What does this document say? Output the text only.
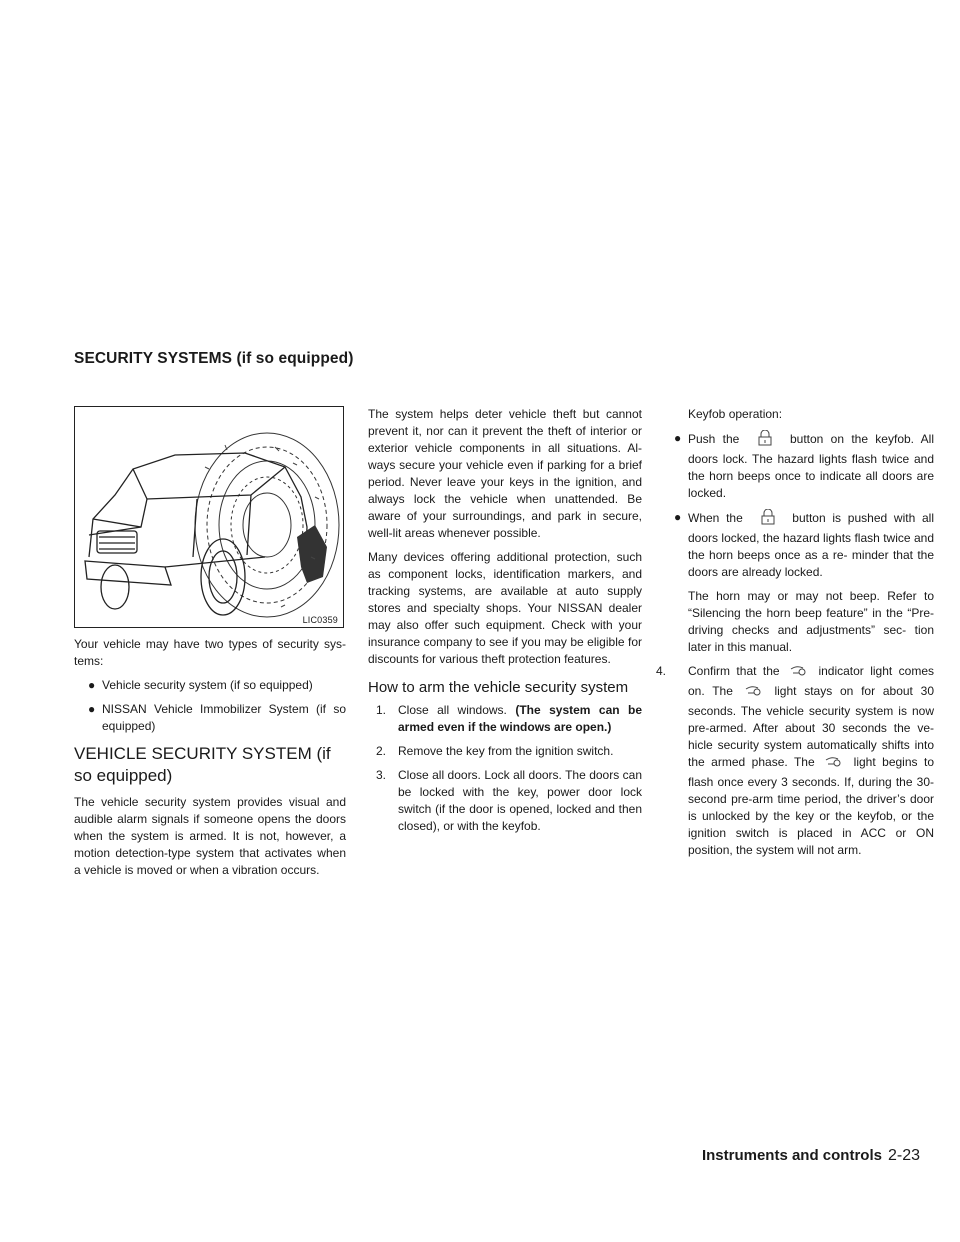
SECURITY SYSTEMS (if so equipped)
LIC0359

Your vehicle may have two types of security sys- tems:

● Vehicle security system (if so equipped)
● NISSAN Vehicle Immobilizer System (if so equipped)
VEHICLE SECURITY SYSTEM (if so equipped)

The vehicle security system provides visual and audible alarm signals if someone opens the doors when the system is armed. It is not, however, a motion detection-type system that activates when a vehicle is moved or when a vibration occurs.

The system helps deter vehicle theft but cannot prevent it, nor can it prevent the theft of interior or exterior vehicle components in all situations. Al- ways secure your vehicle even if parking for a brief period. Never leave your keys in the ignition, and always lock the vehicle when unattended. Be aware of your surroundings, and park in secure, well-lit areas whenever possible.

Many devices offering additional protection, such as component locks, identification markers, and tracking systems, are available at auto supply stores and specialty shops. Your NISSAN dealer may also offer such equipment. Check with your insurance company to see if you may be eligible for discounts for various theft protection features.

How to arm the vehicle security system
1. Close all windows. (The system can be armed even if the windows are open.)
2. Remove the key from the ignition switch.
3. Close all doors. Lock all doors. The doors can be locked with the key, power door lock switch (if the door is opened, locked and then closed), or with the keyfob.

Keyfob operation:

● Push the	button on the keyfob. All doors lock. The hazard lights flash twice and the horn beeps once to indicate all doors are locked.
● When the	button is pushed with all doors locked, the hazard lights flash twice and the horn beeps once as a re- minder that the doors are already locked.

The horn may or may not beep. Refer to “Silencing the horn beep feature” in the “Pre-driving checks and adjustments” sec- tion later in this manual.

4. Confirm that the	indicator light comes on. The	light stays on for about 30 seconds. The vehicle security system is now pre-armed. After about 30 seconds the ve- hicle security system automatically shifts into the armed phase. The	light begins to flash once every 3 seconds. If, during the 30-second pre-arm time period, the driver’s door is unlocked by the key or the keyfob, or the ignition switch is placed in ACC or ON position, the system will not arm.
Instruments and controls 2-23
